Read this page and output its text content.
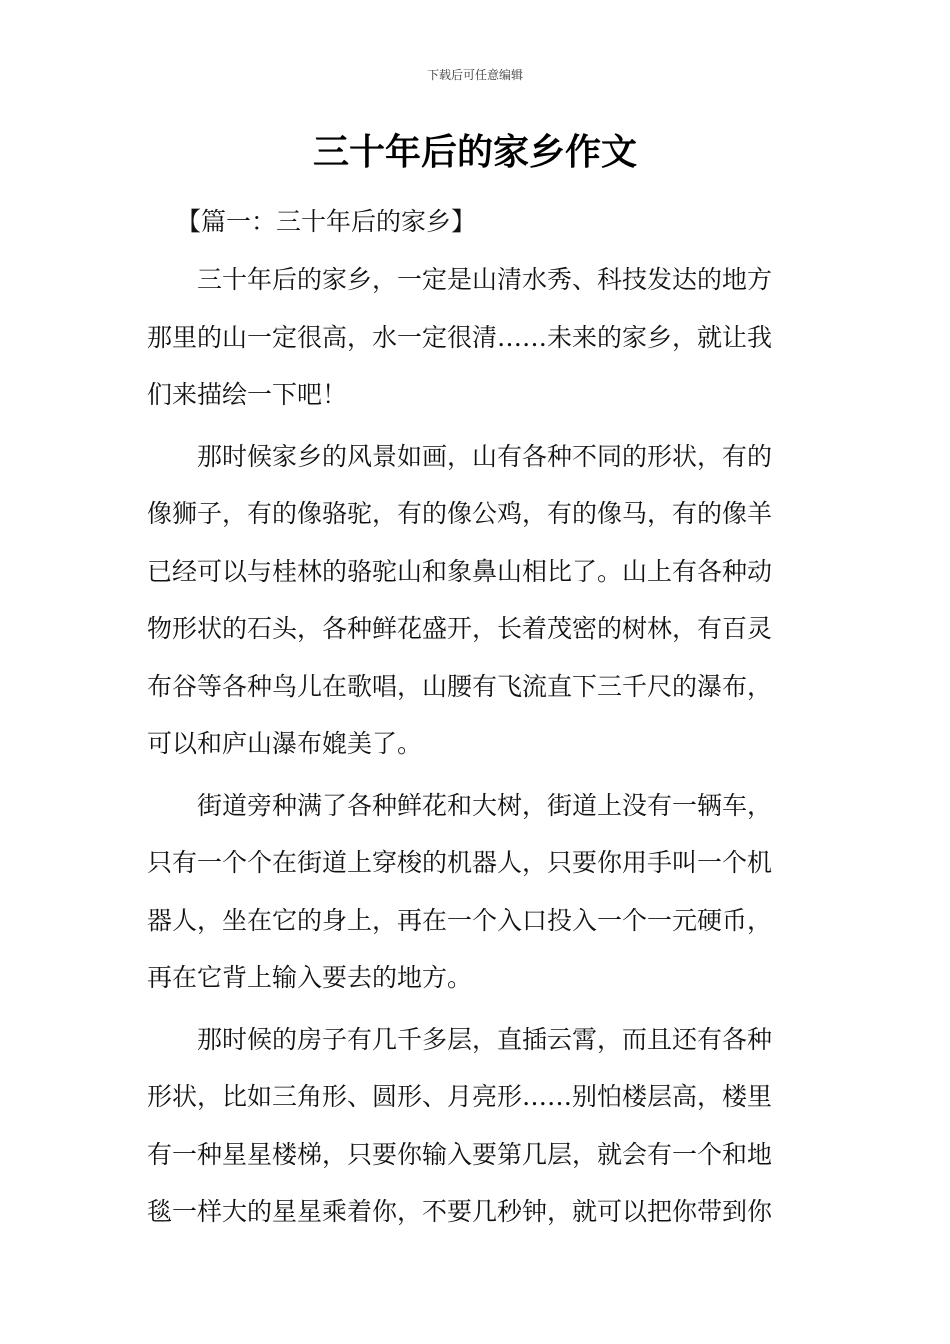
下载后可任意编辑
三十年后的家乡作文
【篇一：三十年后的家乡】
三十年后的家乡，一定是山清水秀、科技发达的地方
那里的山一定很高，水一定很清……未来的家乡，就让我
们来描绘一下吧！
那时候家乡的风景如画，山有各种不同的形状，有的
像狮子，有的像骆驼，有的像公鸡，有的像马，有的像羊
已经可以与桂林的骆驼山和象鼻山相比了。山上有各种动
物形状的石头，各种鲜花盛开，长着茂密的树林，有百灵
布谷等各种鸟儿在歌唱，山腰有飞流直下三千尺的瀑布，
可以和庐山瀑布媲美了。
街道旁种满了各种鲜花和大树，街道上没有一辆车，
只有一个个在街道上穿梭的机器人，只要你用手叫一个机
器人，坐在它的身上，再在一个入口投入一个一元硬币，
再在它背上输入要去的地方。
那时候的房子有几千多层，直插云霄，而且还有各种
形状，比如三角形、圆形、月亮形……别怕楼层高，楼里
有一种星星楼梯，只要你输入要第几层，就会有一个和地
毯一样大的星星乘着你，不要几秒钟，就可以把你带到你
